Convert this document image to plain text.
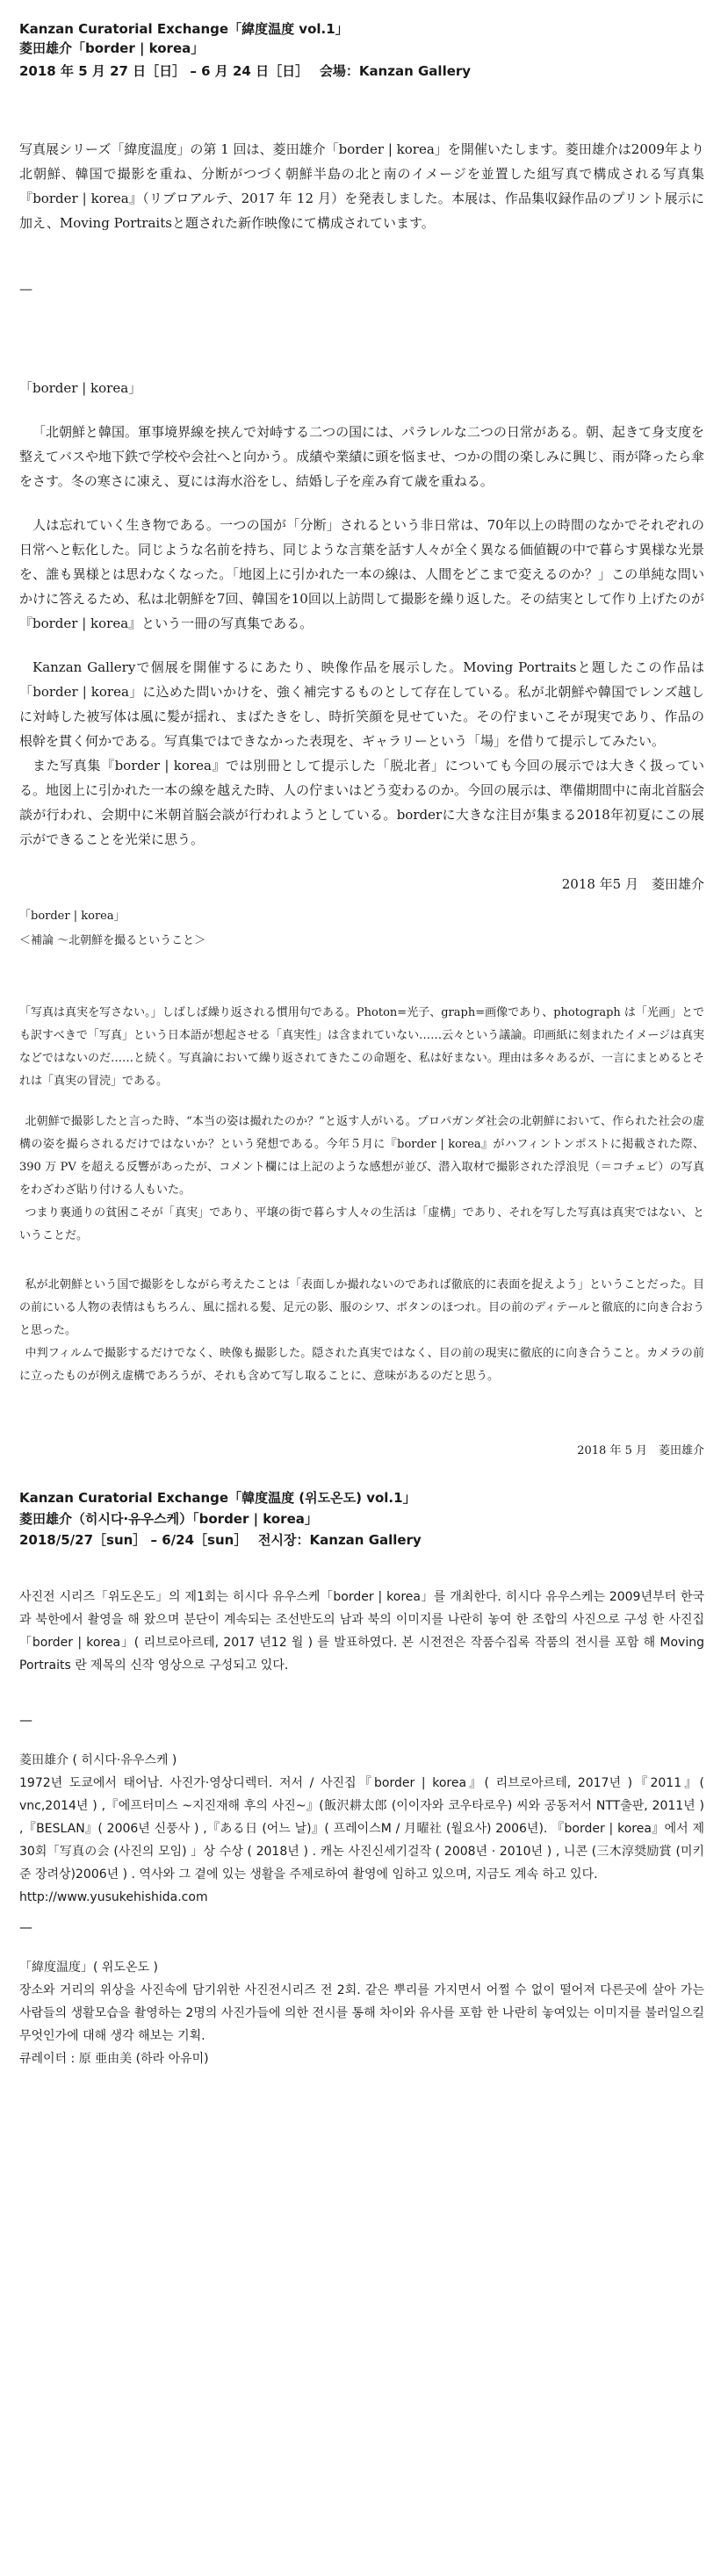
Kanzan Curatorial Exchange「緯度温度 vol.1」

菱田雄介「border | korea」

2018 年 5 月 27 日［日］ – 6 月 24 日［日］　 会場：Kanzan Gallery

写真展シリーズ「緯度温度」の第 1 回は、菱田雄介「border | korea」を開催いたします。菱田雄介は2009年より北朝鮮、韓国で撮影を重ね、分断がつづく朝鮮半島の北と南のイメージを並置した組写真で構成される写真集『border | korea』（リブロアルテ、2017 年 12 月）を発表しました。本展は、作品集収録作品のプリント展示に加え、Moving Portraitsと題された新作映像にて構成されています。

—

「border | korea」

「北朝鮮と韓国。軍事境界線を挟んで対峙する二つの国には、パラレルな二つの日常がある。朝、起きて身支度を整えてバスや地下鉄で学校や会社へと向かう。成績や業績に頭を悩ませ、つかの間の楽しみに興じ、雨が降ったら傘をさす。冬の寒さに凍え、夏には海水浴をし、結婚し子を産み育て歳を重ねる。

人は忘れていく生き物である。一つの国が「分断」されるという非日常は、70年以上の時間のなかでそれぞれの日常へと転化した。同じような名前を持ち、同じような言葉を話す人々が全く異なる価値観の中で暮らす異様な光景を、誰も異様とは思わなくなった。「地図上に引かれた一本の線は、人間をどこまで変えるのか？」この単純な問いかけに答えるため、私は北朝鮮を7回、韓国を10回以上訪問して撮影を繰り返した。その結実として作り上げたのが『border | korea』という一冊の写真集である。

Kanzan Galleryで個展を開催するにあたり、映像作品を展示した。Moving Portraitsと題したこの作品は「border | korea」に込めた問いかけを、強く補完するものとして存在している。私が北朝鮮や韓国でレンズ越しに対峙した被写体は風に髪が揺れ、まばたきをし、時折笑顔を見せていた。その佇まいこそが現実であり、作品の根幹を貫く何かである。写真集ではできなかった表現を、ギャラリーという「場」を借りて提示してみたい。

また写真集『border | korea』では別冊として提示した「脱北者」についても今回の展示では大きく扱っている。地図上に引かれた一本の線を越えた時、人の佇まいはどう変わるのか。今回の展示は、準備期間中に南北首脳会談が行われ、会期中に米朝首脳会談が行われようとしている。borderに大きな注目が集まる2018年初夏にこの展示ができることを光栄に思う。

2018 年5 月　菱田雄介

「border | korea」

＜補論 〜北朝鮮を撮るということ＞

「写真は真実を写さない。」しばしば繰り返される慣用句である。Photon=光子、graph=画像であり、photograph は「光画」とでも訳すべきで「写真」という日本語が想起させる「真実性」は含まれていない……云々という議論。印画紙に刻まれたイメージは真実などではないのだ……と続く。写真論において繰り返されてきたこの命題を、私は好まない。理由は多々あるが、一言にまとめるとそれは「真実の冒涜」である。

北朝鮮で撮影したと言った時、“本当の姿は撮れたのか？”と返す人がいる。プロパガンダ社会の北朝鮮において、作られた社会の虚構の姿を撮らされるだけではないか？という発想である。今年５月に『border | korea』がハフィントンポストに掲載された際、390 万 PV を超える反響があったが、コメント欄には上記のような感想が並び、潜入取材で撮影された浮浪児（＝コチェビ）の写真をわざわざ貼り付ける人もいた。

つまり裏通りの貧困こそが「真実」であり、平壌の街で暮らす人々の生活は「虚構」であり、それを写した写真は真実ではない、ということだ。

私が北朝鮮という国で撮影をしながら考えたことは「表面しか撮れないのであれば徹底的に表面を捉えよう」ということだった。目の前にいる人物の表情はもちろん、風に揺れる髪、足元の影、服のシワ、ボタンのほつれ。目の前のディテールと徹底的に向き合おうと思った。

中判フィルムで撮影するだけでなく、映像も撮影した。隠された真実ではなく、目の前の現実に徹底的に向き合うこと。カメラの前に立ったものが例え虚構であろうが、それも含めて写し取ることに、意味があるのだと思う。

2018 年 5 月　菱田雄介

Kanzan Curatorial Exchange「韓度温度 (위도온도) vol.1」

菱田雄介（히시다·유우스케）「border | korea」

2018/5/27［sun］ – 6/24［sun］　 전시장：Kanzan Gallery

사진전 시리즈「위도온도」의 제1회는 히시다 유우스케「border | korea」를 개최한다. 히시다 유우스케는 2009년부터 한국과 북한에서 촬영을 해 왔으며 분단이 계속되는 조선반도의 남과 북의 이미지를 나란히 놓여 한 조합의 사진으로 구성 한 사진집「border | korea」( 리브로아르테, 2017 년12 월 ) 를 발표하였다. 본 시전전은 작품수집록 작품의 전시를 포함 해 Moving Portraits 란 제목의 신작 영상으로 구성되고 있다.

—

菱田雄介 ( 히시다·유우스케 )

1972년 도쿄에서 태어남. 사진가·영상디렉터. 저서 / 사진집『border | korea』( 리브로아르테, 2017년 )『2011』( vnc,2014년 ) ,『에프터미스 ~지진재해 후의 사진~』(飯沢耕太郎 (이이자와 코우타로우) 씨와 공동저서 NTT출판, 2011년 ) ,『BESLAN』( 2006년 신풍사 ) ,『ある日 (어느 날)』( 프레이스M / 月曜社 (월요사) 2006년). 『border | korea』에서 제30회「写真の会 (사진의 모임) 」상 수상 ( 2018년 ) . 캐논 사진신세기걸작 ( 2008년 · 2010년 ) , 니콘 (三木淳奨励賞 (미키준 장려상)2006년 ) . 역사와 그 곁에 있는 생활을 주제로하여 촬영에 임하고 있으며, 지금도 계속 하고 있다.

http://www.yusukehishida.com

—

「緯度温度」( 위도온도 )

장소와 거리의 위상을 사진속에 담기위한 사진전시리즈 전 2회. 같은 뿌리를 가지면서 어쩔 수 없이 떨어져 다른곳에 살아 가는 사람들의 생활모습을 촬영하는 2명의 사진가들에 의한 전시를 통해 차이와 유사를 포함 한 나란히 놓여있는 이미지를 불러일으킬 무엇인가에 대해 생각 해보는 기획.

큐레이터 : 原 亜由美 (하라 아유미)
